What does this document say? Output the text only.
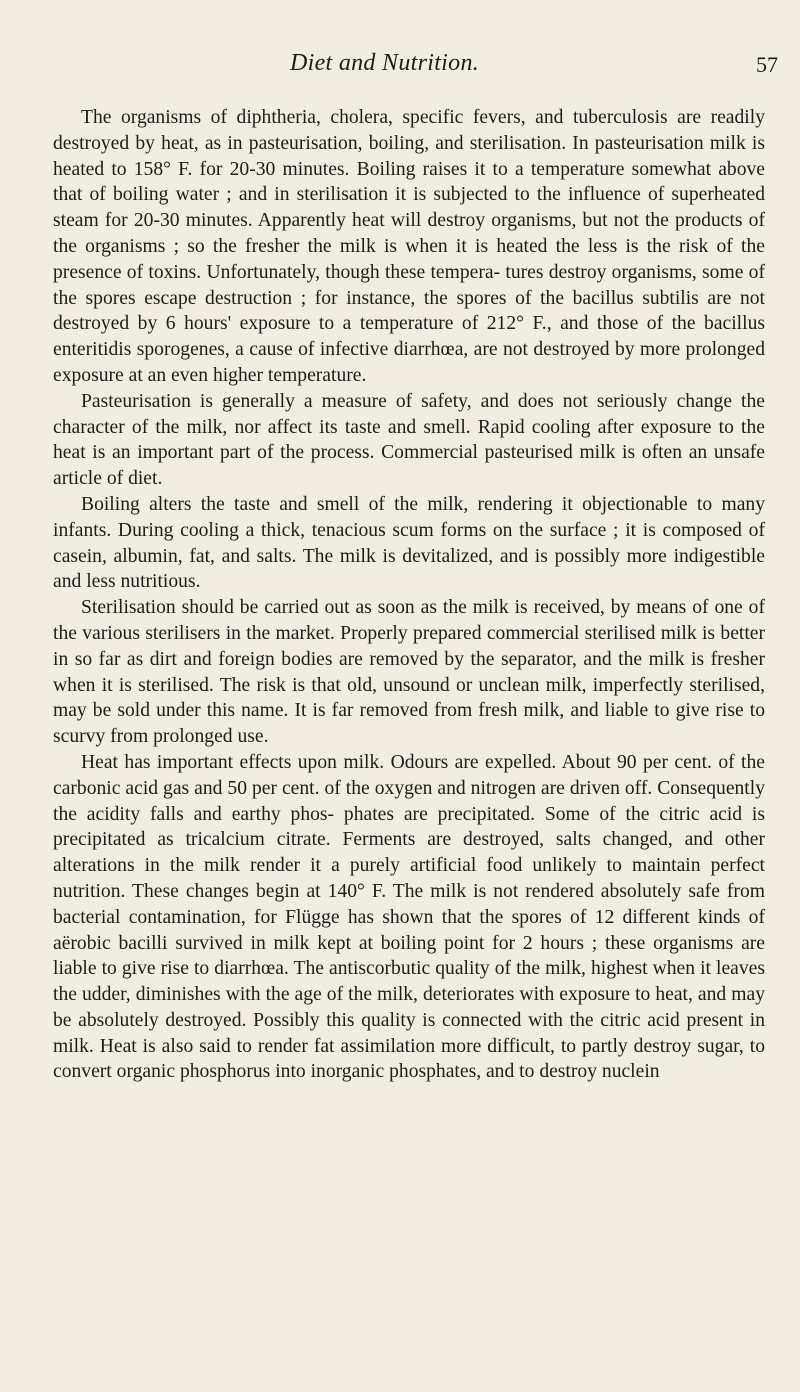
Diet and Nutrition.	57

The organisms of diphtheria, cholera, specific fevers, and tuberculosis are readily destroyed by heat, as in pasteurisation, boiling, and sterilisation. In pasteurisation milk is heated to 158° F. for 20-30 minutes. Boiling raises it to a temperature somewhat above that of boiling water ; and in sterilisation it is subjected to the influence of superheated steam for 20-30 minutes. Apparently heat will destroy organisms, but not the products of the organisms ; so the fresher the milk is when it is heated the less is the risk of the presence of toxins. Unfortunately, though these tempera- tures destroy organisms, some of the spores escape destruction ; for instance, the spores of the bacillus subtilis are not destroyed by 6 hours' exposure to a temperature of 212° F., and those of the bacillus enteritidis sporogenes, a cause of infective diarrhœa, are not destroyed by more prolonged exposure at an even higher temperature.

Pasteurisation is generally a measure of safety, and does not seriously change the character of the milk, nor affect its taste and smell. Rapid cooling after exposure to the heat is an important part of the process. Commercial pasteurised milk is often an unsafe article of diet.

Boiling alters the taste and smell of the milk, rendering it objectionable to many infants. During cooling a thick, tenacious scum forms on the surface ; it is composed of casein, albumin, fat, and salts. The milk is devitalized, and is possibly more indigestible and less nutritious.

Sterilisation should be carried out as soon as the milk is received, by means of one of the various sterilisers in the market. Properly prepared commercial sterilised milk is better in so far as dirt and foreign bodies are removed by the separator, and the milk is fresher when it is sterilised. The risk is that old, unsound or unclean milk, imperfectly sterilised, may be sold under this name. It is far removed from fresh milk, and liable to give rise to scurvy from prolonged use.

Heat has important effects upon milk. Odours are expelled. About 90 per cent. of the carbonic acid gas and 50 per cent. of the oxygen and nitrogen are driven off. Consequently the acidity falls and earthy phos- phates are precipitated. Some of the citric acid is precipitated as tricalcium citrate. Ferments are destroyed, salts changed, and other alterations in the milk render it a purely artificial food unlikely to maintain perfect nutrition. These changes begin at 140° F. The milk is not rendered absolutely safe from bacterial contamination, for Flügge has shown that the spores of 12 different kinds of aërobic bacilli survived in milk kept at boiling point for 2 hours ; these organisms are liable to give rise to diarrhœa. The antiscorbutic quality of the milk, highest when it leaves the udder, diminishes with the age of the milk, deteriorates with exposure to heat, and may be absolutely destroyed. Possibly this quality is connected with the citric acid present in milk. Heat is also said to render fat assimilation more difficult, to partly destroy sugar, to convert organic phosphorus into inorganic phosphates, and to destroy nuclein
